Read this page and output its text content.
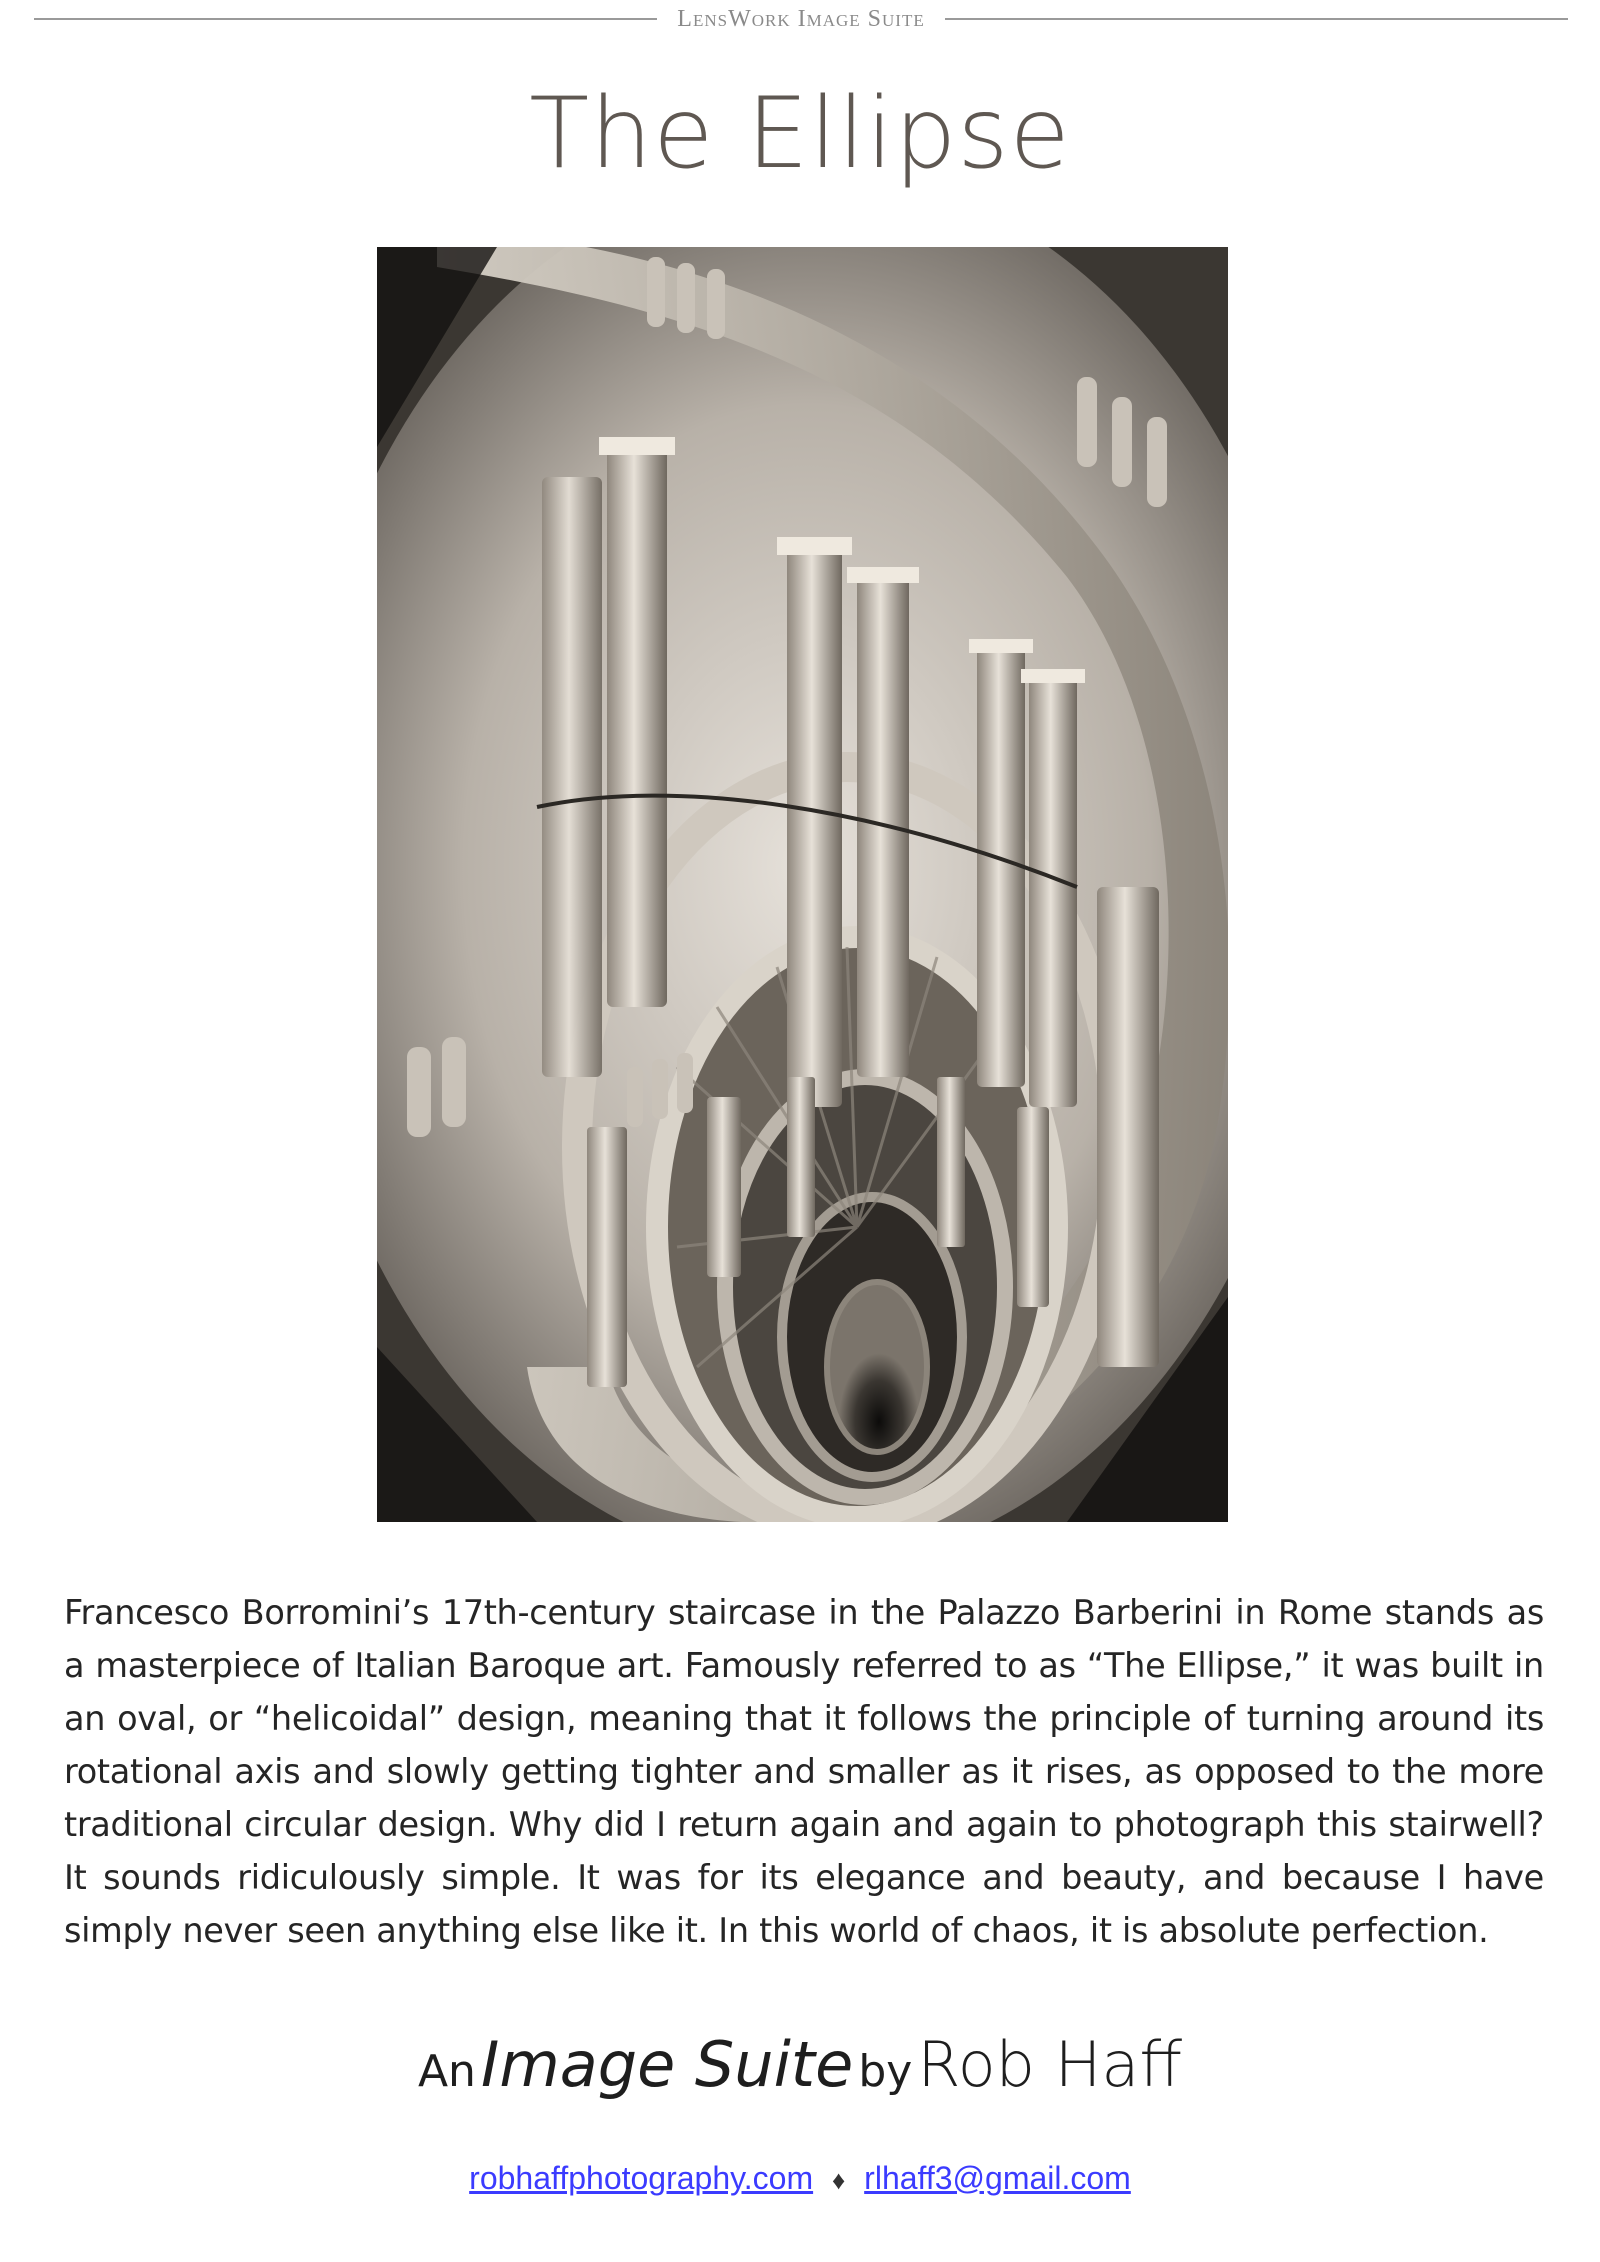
LensWork Image Suite
The Ellipse
Francesco Borromini’s 17th-century staircase in the Palazzo Barberini in Rome stands as a masterpiece of Italian Baroque art. Famously referred to as “The Ellipse,” it was built in an oval, or “helicoidal” design, meaning that it follows the principle of turning around its rotational axis and slowly getting tighter and smaller as it rises, as opposed to the more traditional circular design. Why did I return again and again to photograph this stairwell? It sounds ridiculously simple. It was for its elegance and beauty, and because I have simply never seen anything else like it. In this world of chaos, it is absolute perfection.
An Image Suite by Rob Haff
robhaffphotography.com ♦ rlhaff3@gmail.com
